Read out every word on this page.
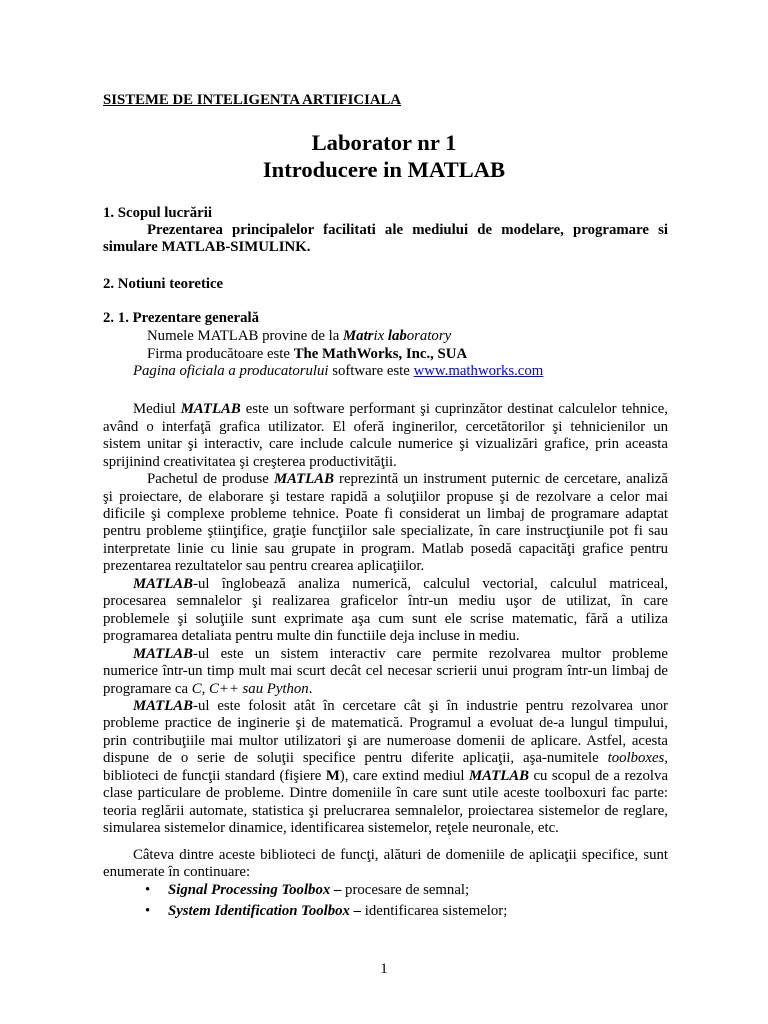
SISTEME DE INTELIGENTA ARTIFICIALA
Laborator nr 1
Introducere in MATLAB
1. Scopul lucrării
Prezentarea principalelor facilitati ale mediului de modelare, programare si
simulare MATLAB-SIMULINK.
2. Notiuni teoretice
2. 1. Prezentare generală
Numele MATLAB provine de la Matrix laboratory
Firma producătoare este The MathWorks, Inc., SUA
Pagina oficiala a producatorului software este www.mathworks.com
Mediul MATLAB este un software performant şi cuprinzător destinat calculelor tehnice,
având o interfaţă grafica utilizator. El oferă inginerilor, cercetătorilor şi tehnicienilor un
sistem unitar şi interactiv, care include calcule numerice şi vizualizări grafice, prin aceasta
sprijinind creativitatea şi creşterea productivităţii.
Pachetul de produse MATLAB reprezintă un instrument puternic de cercetare, analiză
şi proiectare, de elaborare şi testare rapidă a soluţiilor propuse şi de rezolvare a celor mai
dificile şi complexe probleme tehnice. Poate fi considerat un limbaj de programare adaptat
pentru probleme ştiinţifice, graţie funcţiilor sale specializate, în care instrucţiunile pot fi sau
interpretate linie cu linie sau grupate in program. Matlab posedă capacităţi grafice pentru
prezentarea rezultatelor sau pentru crearea aplicaţiilor.
MATLAB-ul înglobează analiza numerică, calculul vectorial, calculul matriceal,
procesarea semnalelor şi realizarea graficelor într-un mediu uşor de utilizat, în care
problemele şi soluţiile sunt exprimate aşa cum sunt ele scrise matematic, fără a utiliza
programarea detaliata pentru multe din functiile deja incluse in mediu.
MATLAB-ul este un sistem interactiv care permite rezolvarea multor probleme
numerice într-un timp mult mai scurt decât cel necesar scrierii unui program într-un limbaj de
programare ca C, C++ sau Python.
MATLAB-ul este folosit atât în cercetare cât şi în industrie pentru rezolvarea unor
probleme practice de inginerie şi de matematică. Programul a evoluat de-a lungul timpului,
prin contribuţiile mai multor utilizatori şi are numeroase domenii de aplicare. Astfel, acesta
dispune de o serie de soluţii specifice pentru diferite aplicaţii, aşa-numitele toolboxes,
biblioteci de funcţii standard (fişiere M), care extind mediul MATLAB cu scopul de a rezolva
clase particulare de probleme. Dintre domeniile în care sunt utile aceste toolboxuri fac parte:
teoria reglării automate, statistica şi prelucrarea semnalelor, proiectarea sistemelor de reglare,
simularea sistemelor dinamice, identificarea sistemelor, reţele neuronale, etc.
Câteva dintre aceste biblioteci de funcţi, alături de domeniile de aplicaţii specifice, sunt
enumerate în continuare:
• Signal Processing Toolbox – procesare de semnal;
• System Identification Toolbox – identificarea sistemelor;
1
